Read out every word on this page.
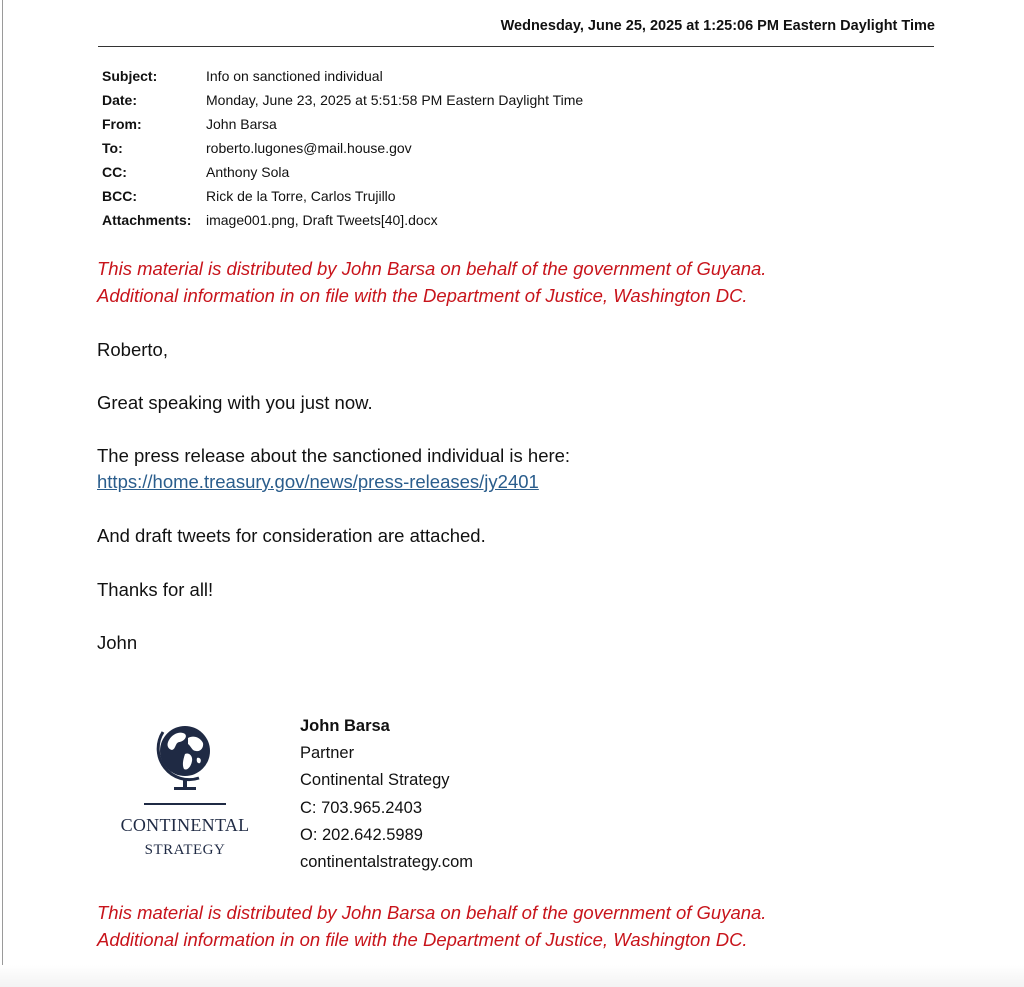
Wednesday, June 25, 2025 at 1:25:06 PM Eastern Daylight Time
Subject:	Info on sanctioned individual
Date:	Monday, June 23, 2025 at 5:51:58 PM Eastern Daylight Time
From:	John Barsa
To:	roberto.lugones@mail.house.gov
CC:	Anthony Sola
BCC:	Rick de la Torre, Carlos Trujillo
Attachments:	image001.png, Draft Tweets[40].docx
This material is distributed by John Barsa on behalf of the government of Guyana.
Additional information in on file with the Department of Justice, Washington DC.
Roberto,
Great speaking with you just now.
The press release about the sanctioned individual is here:
https://home.treasury.gov/news/press-releases/jy2401
And draft tweets for consideration are attached.
Thanks for all!
John
CONTINENTAL
STRATEGY
John Barsa
Partner
Continental Strategy
C: 703.965.2403
O: 202.642.5989
continentalstrategy.com
This material is distributed by John Barsa on behalf of the government of Guyana.
Additional information in on file with the Department of Justice, Washington DC.
